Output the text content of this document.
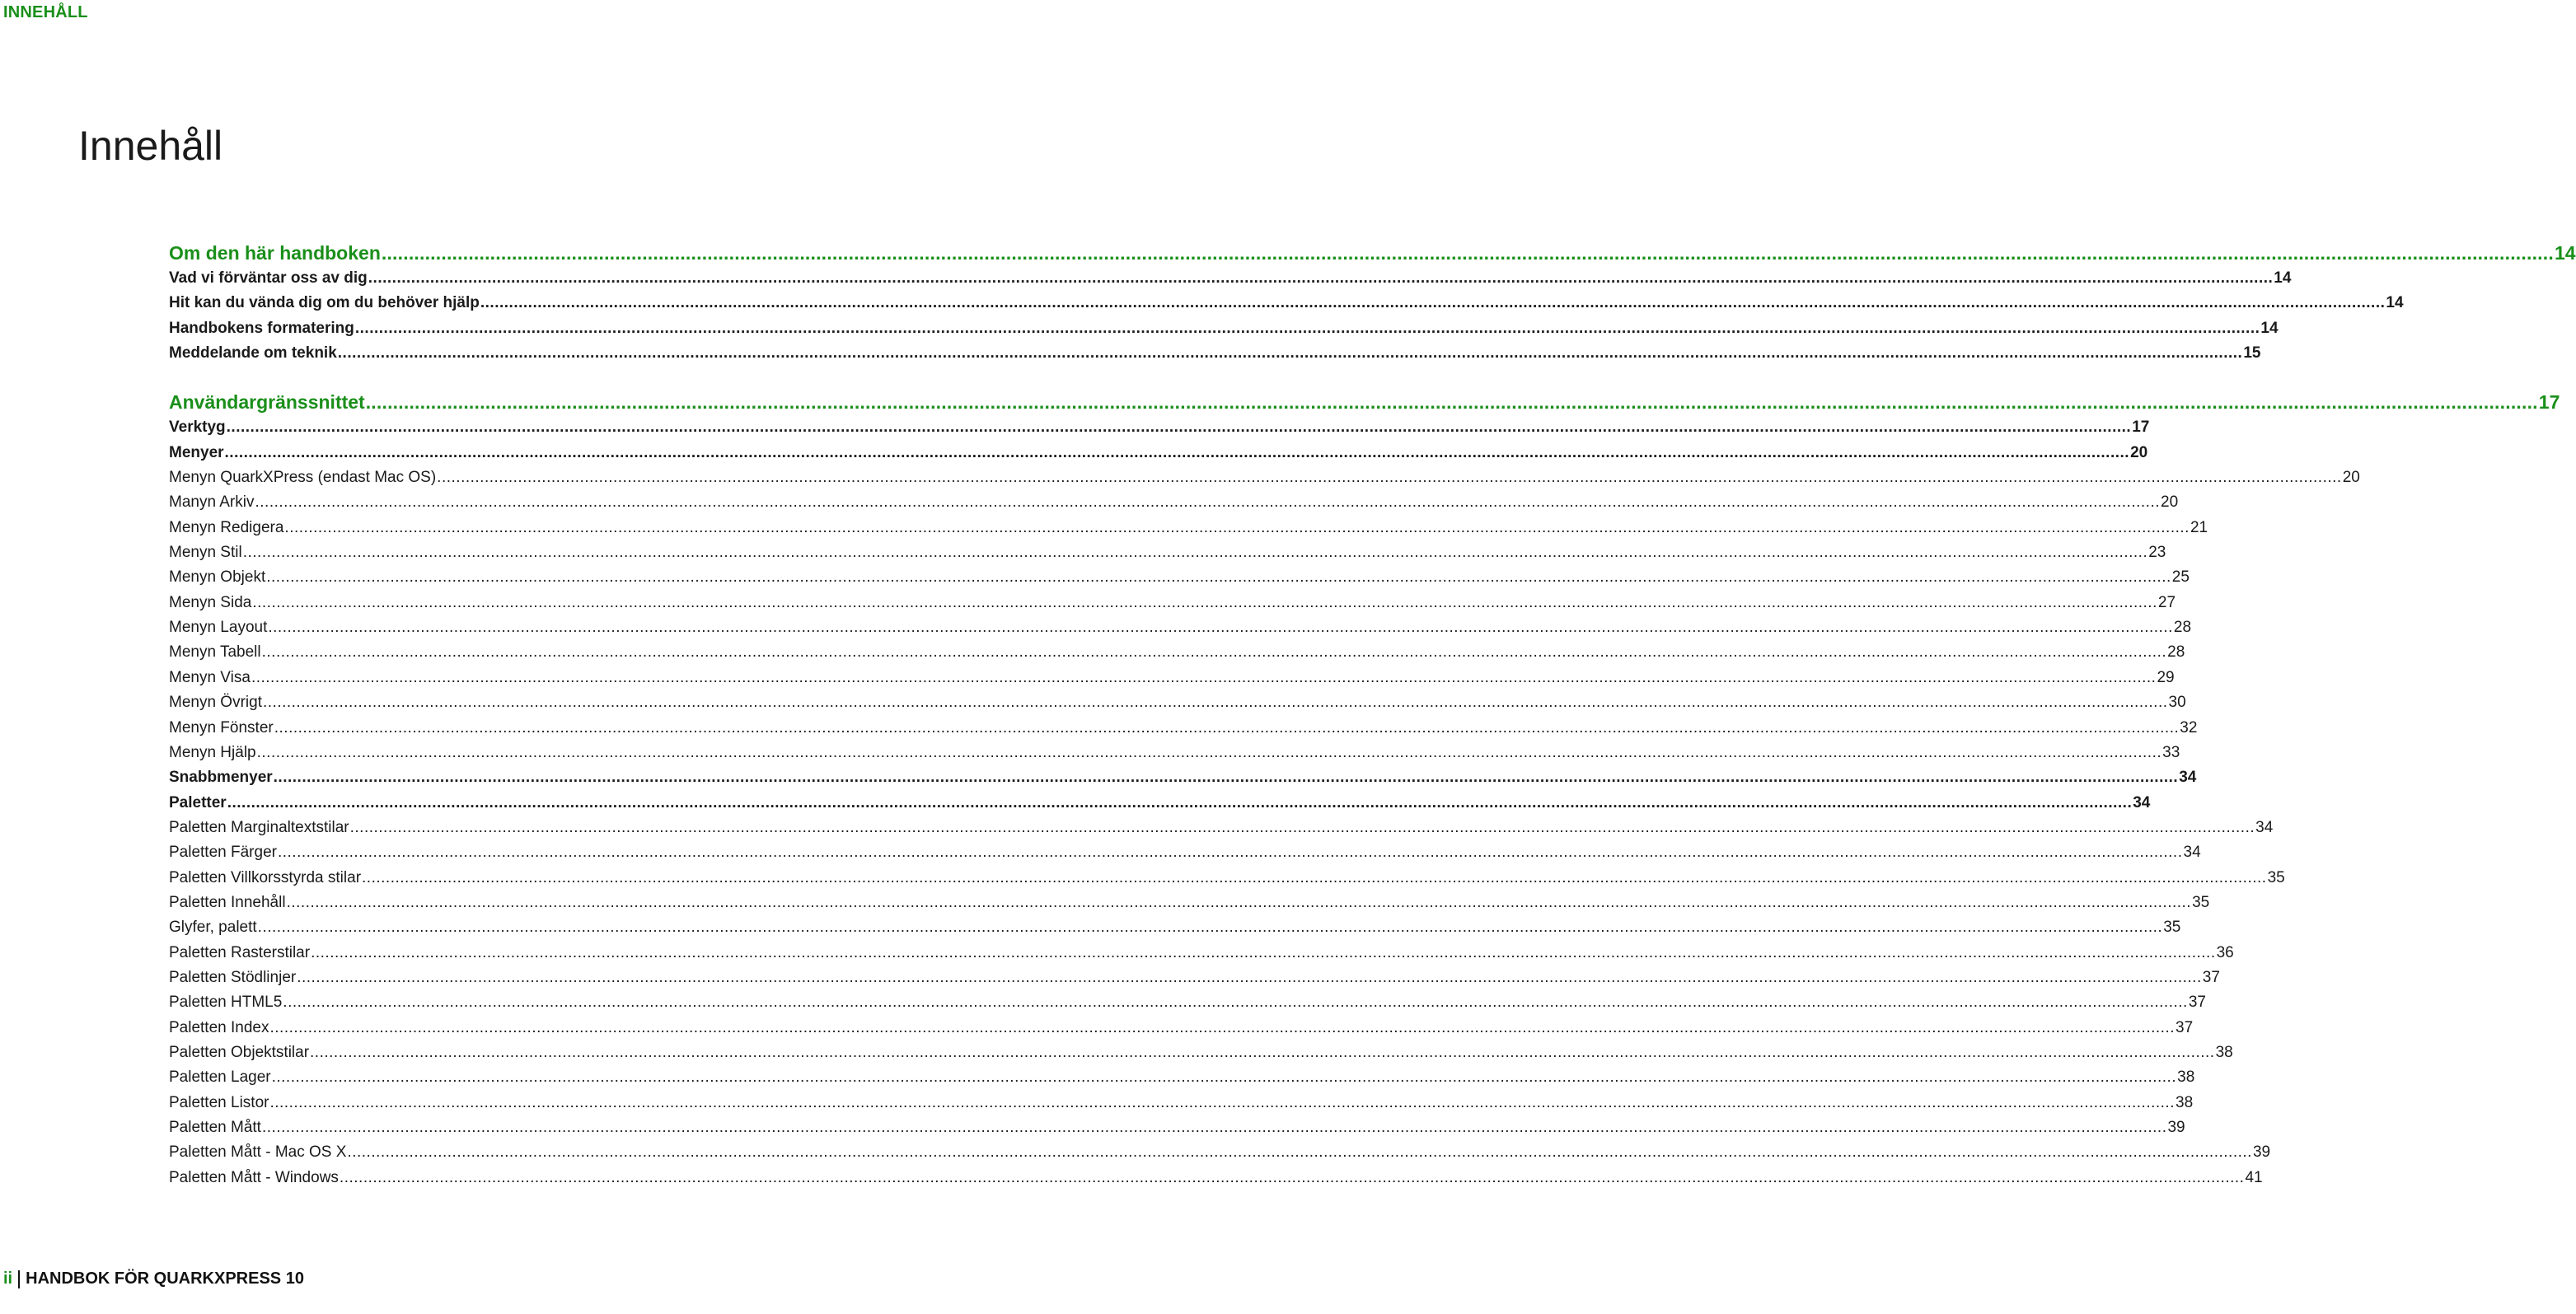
INNEHÅLL
Innehåll
Om den här handboken ................................................................................................................................................................................................................................................................................................................................................................................................................ 14
Vad vi förväntar oss av dig ................................................................................................................................................................................................................................................................................................................................................................................................................ 14
Hit kan du vända dig om du behöver hjälp ................................................................................................................................................................................................................................................................................................................................................................................................................ 14
Handbokens formatering ................................................................................................................................................................................................................................................................................................................................................................................................................ 14
Meddelande om teknik ................................................................................................................................................................................................................................................................................................................................................................................................................ 15
Användargränssnittet ................................................................................................................................................................................................................................................................................................................................................................................................................ 17
Verktyg ................................................................................................................................................................................................................................................................................................................................................................................................................ 17
Menyer ................................................................................................................................................................................................................................................................................................................................................................................................................ 20
Menyn QuarkXPress (endast Mac OS) ................................................................................................................................................................................................................................................................................................................................................................................................................ 20
Manyn Arkiv ................................................................................................................................................................................................................................................................................................................................................................................................................ 20
Menyn Redigera ................................................................................................................................................................................................................................................................................................................................................................................................................ 21
Menyn Stil ................................................................................................................................................................................................................................................................................................................................................................................................................ 23
Menyn Objekt ................................................................................................................................................................................................................................................................................................................................................................................................................ 25
Menyn Sida ................................................................................................................................................................................................................................................................................................................................................................................................................ 27
Menyn Layout ................................................................................................................................................................................................................................................................................................................................................................................................................ 28
Menyn Tabell ................................................................................................................................................................................................................................................................................................................................................................................................................ 28
Menyn Visa ................................................................................................................................................................................................................................................................................................................................................................................................................ 29
Menyn Övrigt ................................................................................................................................................................................................................................................................................................................................................................................................................ 30
Menyn Fönster ................................................................................................................................................................................................................................................................................................................................................................................................................ 32
Menyn Hjälp ................................................................................................................................................................................................................................................................................................................................................................................................................ 33
Snabbmenyer ................................................................................................................................................................................................................................................................................................................................................................................................................ 34
Paletter ................................................................................................................................................................................................................................................................................................................................................................................................................ 34
Paletten Marginaltextstilar ................................................................................................................................................................................................................................................................................................................................................................................................................ 34
Paletten Färger ................................................................................................................................................................................................................................................................................................................................................................................................................ 34
Paletten Villkorsstyrda stilar ................................................................................................................................................................................................................................................................................................................................................................................................................ 35
Paletten Innehåll ................................................................................................................................................................................................................................................................................................................................................................................................................ 35
Glyfer, palett ................................................................................................................................................................................................................................................................................................................................................................................................................ 35
Paletten Rasterstilar ................................................................................................................................................................................................................................................................................................................................................................................................................ 36
Paletten Stödlinjer ................................................................................................................................................................................................................................................................................................................................................................................................................ 37
Paletten HTML5 ................................................................................................................................................................................................................................................................................................................................................................................................................ 37
Paletten Index ................................................................................................................................................................................................................................................................................................................................................................................................................ 37
Paletten Objektstilar ................................................................................................................................................................................................................................................................................................................................................................................................................ 38
Paletten Lager ................................................................................................................................................................................................................................................................................................................................................................................................................ 38
Paletten Listor ................................................................................................................................................................................................................................................................................................................................................................................................................ 38
Paletten Mått ................................................................................................................................................................................................................................................................................................................................................................................................................ 39
Paletten Mått - Mac OS X ................................................................................................................................................................................................................................................................................................................................................................................................................ 39
Paletten Mått - Windows ................................................................................................................................................................................................................................................................................................................................................................................................................ 41
ii HANDBOK FÖR QUARKXPRESS 10
